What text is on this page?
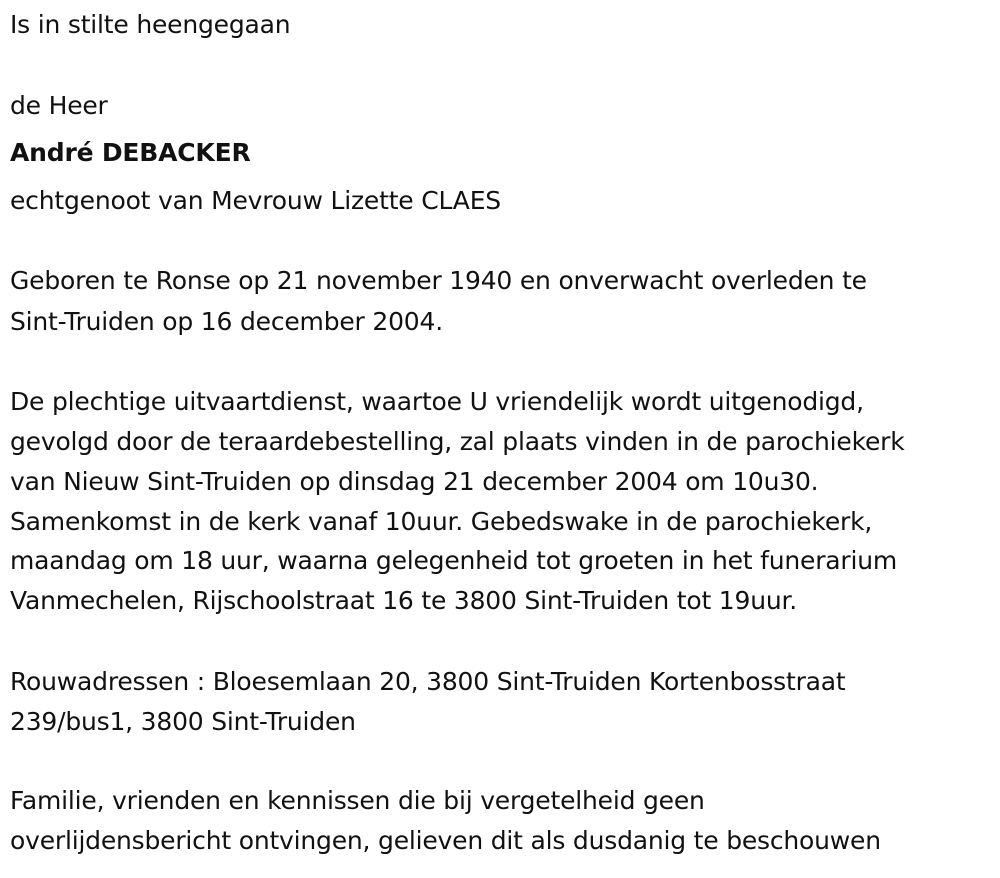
Is in stilte heengegaan
de Heer
André DEBACKER
echtgenoot van Mevrouw Lizette CLAES
Geboren te Ronse op 21 november 1940 en onverwacht overleden te
Sint-Truiden op 16 december 2004.
De plechtige uitvaartdienst, waartoe U vriendelijk wordt uitgenodigd,
gevolgd door de teraardebestelling, zal plaats vinden in de parochiekerk
van Nieuw Sint-Truiden op dinsdag 21 december 2004 om 10u30.
Samenkomst in de kerk vanaf 10uur. Gebedswake in de parochiekerk,
maandag om 18 uur, waarna gelegenheid tot groeten in het funerarium
Vanmechelen, Rijschoolstraat 16 te 3800 Sint-Truiden tot 19uur.
Rouwadressen : Bloesemlaan 20, 3800 Sint-Truiden Kortenbosstraat
239/bus1, 3800 Sint-Truiden
Familie, vrienden en kennissen die bij vergetelheid geen
overlijdensbericht ontvingen, gelieven dit als dusdanig te beschouwen
